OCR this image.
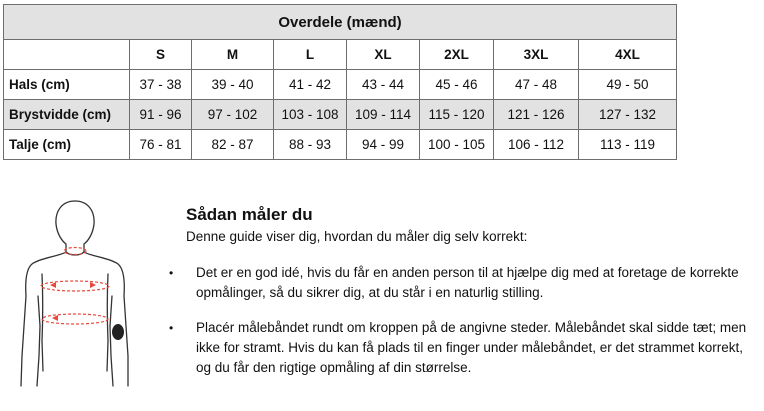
Overdele (mænd)							
	S	M	L	XL	2XL	3XL	4XL
Hals (cm)	37 - 38	39 - 40	41 - 42	43 - 44	45 - 46	47 - 48	49 - 50
Brystvidde (cm)	91 - 96	97 - 102	103 - 108	109 - 114	115 - 120	121 - 126	127 - 132
Talje (cm)	76 - 81	82 - 87	88 - 93	94 - 99	100 - 105	106 - 112	113 - 119
Sådan måler du

Denne guide viser dig, hvordan du måler dig selv korrekt:

• Det er en god idé, hvis du får en anden person til at hjælpe dig med at foretage de korrekte opmålinger, så du sikrer dig, at du står i en naturlig stilling.
• Placér målebåndet rundt om kroppen på de angivne steder. Målebåndet skal sidde tæt; men ikke for stramt. Hvis du kan få plads til en finger under målebåndet, er det strammet korrekt, og du får den rigtige opmåling af din størrelse.
